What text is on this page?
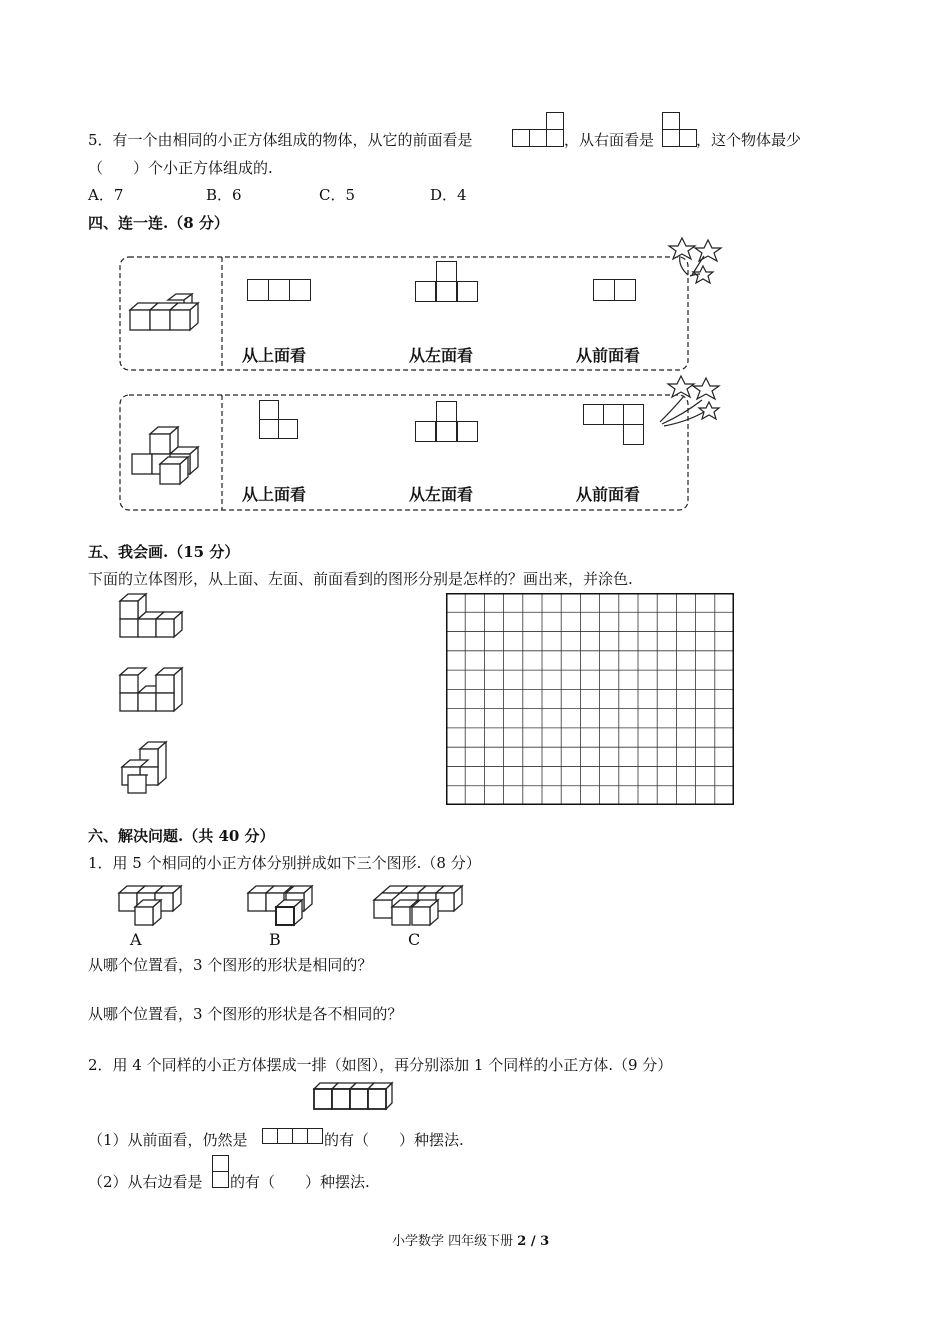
5．有一个由相同的小正方体组成的物体，从它的前面看是	，从右面看是	，这个物体最少
（　　）个小正方体组成的.
A．7	B．6	C．5	D．4
四、连一连.（8 分）
从上面看	从左面看	从前面看
从上面看	从左面看	从前面看
五、我会画.（15 分）
下面的立体图形，从上面、左面、前面看到的图形分别是怎样的？画出来，并涂色.
六、解决问题.（共 40 分）
1．用 5 个相同的小正方体分别拼成如下三个图形.（8 分）
A	B	C
从哪个位置看，3 个图形的形状是相同的？
从哪个位置看，3 个图形的形状是各不相同的？
2．用 4 个同样的小正方体摆成一排（如图），再分别添加 1 个同样的小正方体.（9 分）
（1）从前面看，仍然是	的有（　　）种摆法.
（2）从右边看是 的有（　　）种摆法.
小学数学 四年级下册 2 / 3
